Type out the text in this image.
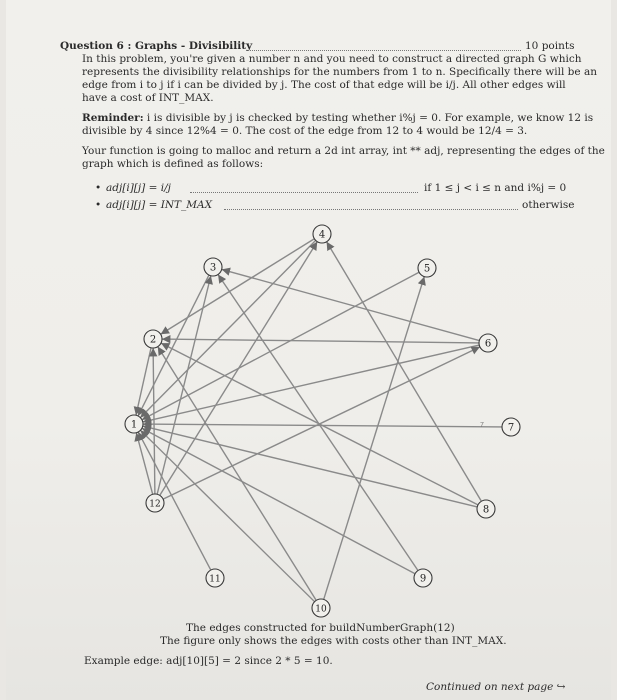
Question 6 : Graphs - Divisibility	10 points
In this problem, you're given a number n and you need to construct a directed graph G which
represents the divisibility relationships for the numbers from 1 to n. Specifically there will be an
edge from i to j if i can be divided by j. The cost of that edge will be i/j. All other edges will
have a cost of INT_MAX.
Reminder: i is divisible by j is checked by testing whether i%j = 0. For example, we know 12 is
divisible by 4 since 12%4 = 0. The cost of the edge from 12 to 4 would be 12/4 = 3.
Your function is going to malloc and return a 2d int array, int ** adj, representing the edges of the
graph which is defined as follows:
• adj[i][j] = i/j	if 1 ≤ j < i ≤ n and i%j = 0
• adj[i][j] = INT_MAX	otherwise
7
1
2
3
4
5
6
7
8
9
10
11
12
The edges constructed for buildNumberGraph(12)
The figure only shows the edges with costs other than INT_MAX.
Example edge: adj[10][5] = 2 since 2 * 5 = 10.
Continued on next page ↪
